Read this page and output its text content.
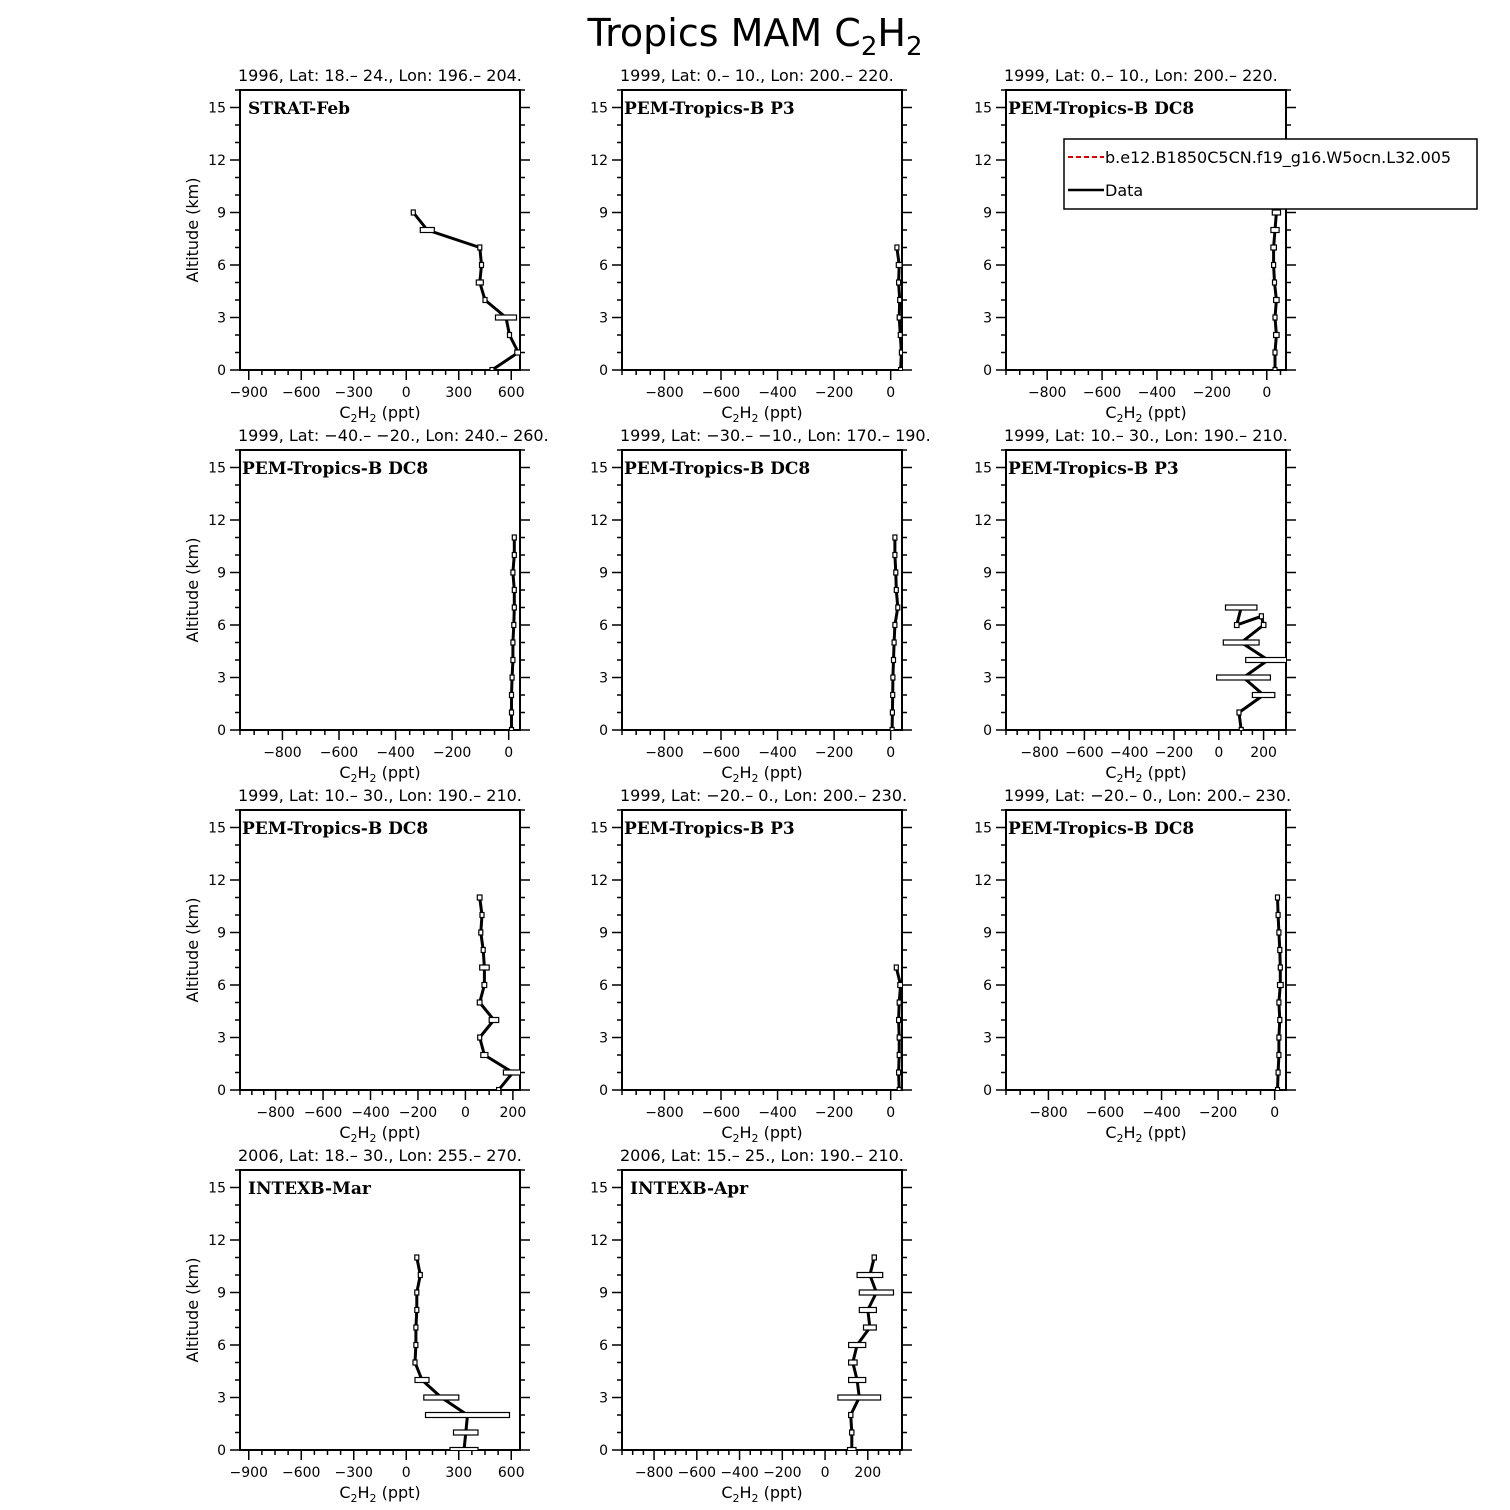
Tropics MAM $C_2H_2$
1996, Lat: 18.– 24., Lon: 196.– 204.
0
3
6
9
12
15
−900 −600 −300 0 300 600
$C_2H_2$ (ppt)
Altitude (km)
STRAT-Feb
1999, Lat: 0.– 10., Lon: 200.– 220.
0
3
6
9
12
15
−800 −600 −400 −200 0
$C_2H_2$ (ppt)
PEM-Tropics-B P3
1999, Lat: 0.– 10., Lon: 200.– 220.
0
3
6
9
12
15
−800 −600 −400 −200 0
$C_2H_2$ (ppt)
PEM-Tropics-B DC8
b.e12.B1850C5CN.f19_g16.W5ocn.L32.005
Data
1999, Lat: −40.– −20., Lon: 240.– 260.
0
3
6
9
12
15
−800 −600 −400 −200 0
$C_2H_2$ (ppt)
Altitude (km)
PEM-Tropics-B DC8
1999, Lat: −30.– −10., Lon: 170.– 190.
0
3
6
9
12
15
−800 −600 −400 −200 0
$C_2H_2$ (ppt)
PEM-Tropics-B DC8
1999, Lat: 10.– 30., Lon: 190.– 210.
0
3
6
9
12
15
−800 −600 −400 −200 0 200
$C_2H_2$ (ppt)
PEM-Tropics-B P3
1999, Lat: 10.– 30., Lon: 190.– 210.
0
3
6
9
12
15
−800 −600 −400 −200 0 200
$C_2H_2$ (ppt)
Altitude (km)
PEM-Tropics-B DC8
1999, Lat: −20.– 0., Lon: 200.– 230.
0
3
6
9
12
15
−800 −600 −400 −200 0
$C_2H_2$ (ppt)
PEM-Tropics-B P3
1999, Lat: −20.– 0., Lon: 200.– 230.
0
3
6
9
12
15
−800 −600 −400 −200 0
$C_2H_2$ (ppt)
PEM-Tropics-B DC8
2006, Lat: 18.– 30., Lon: 255.– 270.
0
3
6
9
12
15
−900 −600 −300 0 300 600
$C_2H_2$ (ppt)
Altitude (km)
INTEXB-Mar
2006, Lat: 15.– 25., Lon: 190.– 210.
0
3
6
9
12
15
−800 −600 −400 −200 0 200
$C_2H_2$ (ppt)
INTEXB-Apr
